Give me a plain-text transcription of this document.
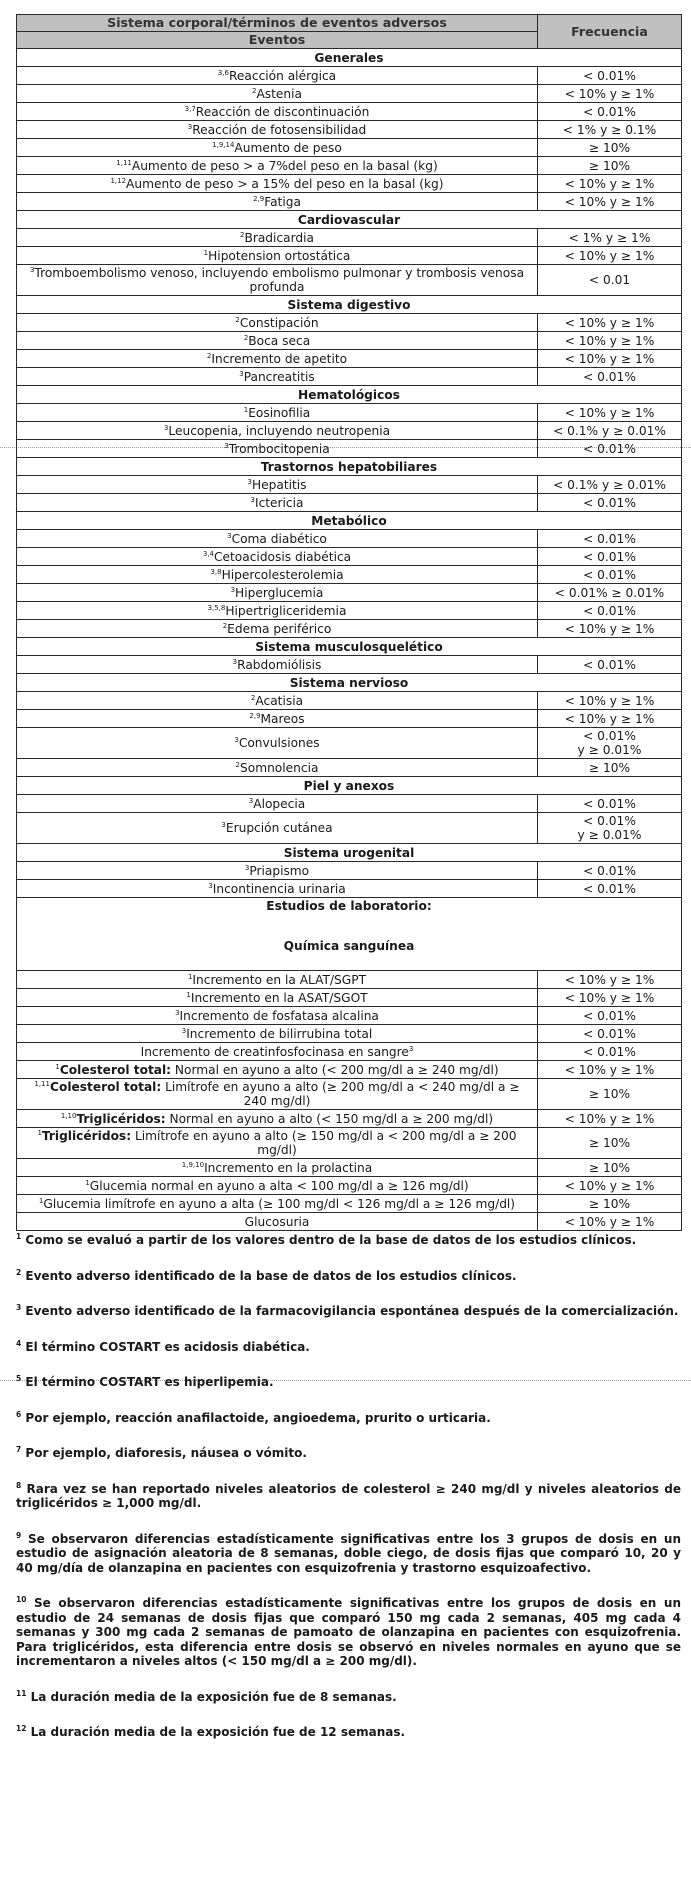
Sistema corporal/términos de eventos adversos	Frecuencia
Eventos	
Generales	
$^{3,6}$Reacción alérgica	< 0.01%
$^2$Astenia	< 10% y ≥ 1%
$^{3,7}$Reacción de discontinuación	< 0.01%
$^3$Reacción de fotosensibilidad	< 1% y ≥ 0.1%
$^{1,9,14}$Aumento de peso	≥ 10%
$^{1,11}$Aumento de peso > a 7%del peso en la basal (kg)	≥ 10%
$^{1,12}$Aumento de peso > a 15% del peso en la basal (kg)	< 10% y ≥ 1%
$^{2,9}$Fatiga	< 10% y ≥ 1%
Cardiovascular	
$^2$Bradicardia	< 1% y ≥ 1%
$^1$Hipotension ortostática	< 10% y ≥ 1%
$^3$Tromboembolismo venoso, incluyendo embolismo pulmonar y trombosis venosa profunda	< 0.01
Sistema digestivo	
$^2$Constipación	< 10% y ≥ 1%
$^2$Boca seca	< 10% y ≥ 1%
$^2$Incremento de apetito	< 10% y ≥ 1%
$^3$Pancreatitis	< 0.01%
Hematológicos	
$^1$Eosinofilia	< 10% y ≥ 1%
$^3$Leucopenia, incluyendo neutropenia	< 0.1% y ≥ 0.01%
$^3$Trombocitopenia	< 0.01%
Trastornos hepatobiliares	
$^3$Hepatitis	< 0.1% y ≥ 0.01%
$^3$Ictericia	< 0.01%
Metabólico	
$^3$Coma diabético	< 0.01%
$^{3,4}$Cetoacidosis diabética	< 0.01%
$^{3,8}$Hipercolesterolemia	< 0.01%
$^3$Hiperglucemia	< 0.01% ≥ 0.01%
$^{3,5,8}$Hipertrigliceridemia	< 0.01%
$^2$Edema periférico	< 10% y ≥ 1%
Sistema musculosquelético	
$^3$Rabdomiólisis	< 0.01%
Sistema nervioso	
$^2$Acatisia	< 10% y ≥ 1%
$^{2,9}$Mareos	< 10% y ≥ 1%
$^3$Convulsiones	< 0.01%
y ≥ 0.01%
$^2$Somnolencia	≥ 10%
Piel y anexos	
$^3$Alopecia	< 0.01%
$^3$Erupción cutánea	< 0.01%
y ≥ 0.01%
Sistema urogenital	
$^3$Priapismo	< 0.01%
$^3$Incontinencia urinaria	< 0.01%
Estudios de laboratorio:
Química sanguínea	

$^1$Incremento en la ALAT/SGPT	< 10% y ≥ 1%
$^1$Incremento en la ASAT/SGOT	< 10% y ≥ 1%
$^3$Incremento de fosfatasa alcalina	< 0.01%
$^3$Incremento de bilirrubina total	< 0.01%
Incremento de creatinfosfocinasa en sangre$^3$	< 0.01%
$^1$Colesterol total: Normal en ayuno a alto (< 200 mg/dl a ≥ 240 mg/dl)	< 10% y ≥ 1%
$^{1,11}$Colesterol total: Limítrofe en ayuno a alto (≥ 200 mg/dl a < 240 mg/dl a ≥ 240 mg/dl)	≥ 10%
$^{1,10}$Triglicéridos: Normal en ayuno a alto (< 150 mg/dl a ≥ 200 mg/dl)	< 10% y ≥ 1%
$^1$Triglicéridos: Limítrofe en ayuno a alto (≥ 150 mg/dl a < 200 mg/dl a ≥ 200 mg/dl)	≥ 10%
$^{1,9,10}$Incremento en la prolactina	≥ 10%
$^1$Glucemia normal en ayuno a alta < 100 mg/dl a ≥ 126 mg/dl)	< 10% y ≥ 1%
$^1$Glucemia limítrofe en ayuno a alta (≥ 100 mg/dl < 126 mg/dl a ≥ 126 mg/dl)	≥ 10%
Glucosuria	< 10% y ≥ 1%
$^1$ Como se evaluó a partir de los valores dentro de la base de datos de los estudios clínicos.
$^2$ Evento adverso identificado de la base de datos de los estudios clínicos.
$^3$ Evento adverso identificado de la farmacovigilancia espontánea después de la comercialización.
$^4$ El término COSTART es acidosis diabética.
$^5$ El término COSTART es hiperlipemia.
$^6$ Por ejemplo, reacción anafilactoide, angioedema, prurito o urticaria.
$^7$ Por ejemplo, diaforesis, náusea o vómito.
$^8$ Rara vez se han reportado niveles aleatorios de colesterol ≥ 240 mg/dl y niveles aleatorios de triglicéridos ≥ 1,000 mg/dl.
$^9$ Se observaron diferencias estadísticamente significativas entre los 3 grupos de dosis en un estudio de asignación aleatoria de 8 semanas, doble ciego, de dosis fijas que comparó 10, 20 y 40 mg/día de olanzapina en pacientes con esquizofrenia y trastorno esquizoafectivo.
$^{10}$ Se observaron diferencias estadísticamente significativas entre los grupos de dosis en un estudio de 24 semanas de dosis fijas que comparó 150 mg cada 2 semanas, 405 mg cada 4 semanas y 300 mg cada 2 semanas de pamoato de olanzapina en pacientes con esquizofrenia. Para triglicéridos, esta diferencia entre dosis se observó en niveles normales en ayuno que se incrementaron a niveles altos (< 150 mg/dl a ≥ 200 mg/dl).
$^{11}$ La duración media de la exposición fue de 8 semanas.
$^{12}$ La duración media de la exposición fue de 12 semanas.
